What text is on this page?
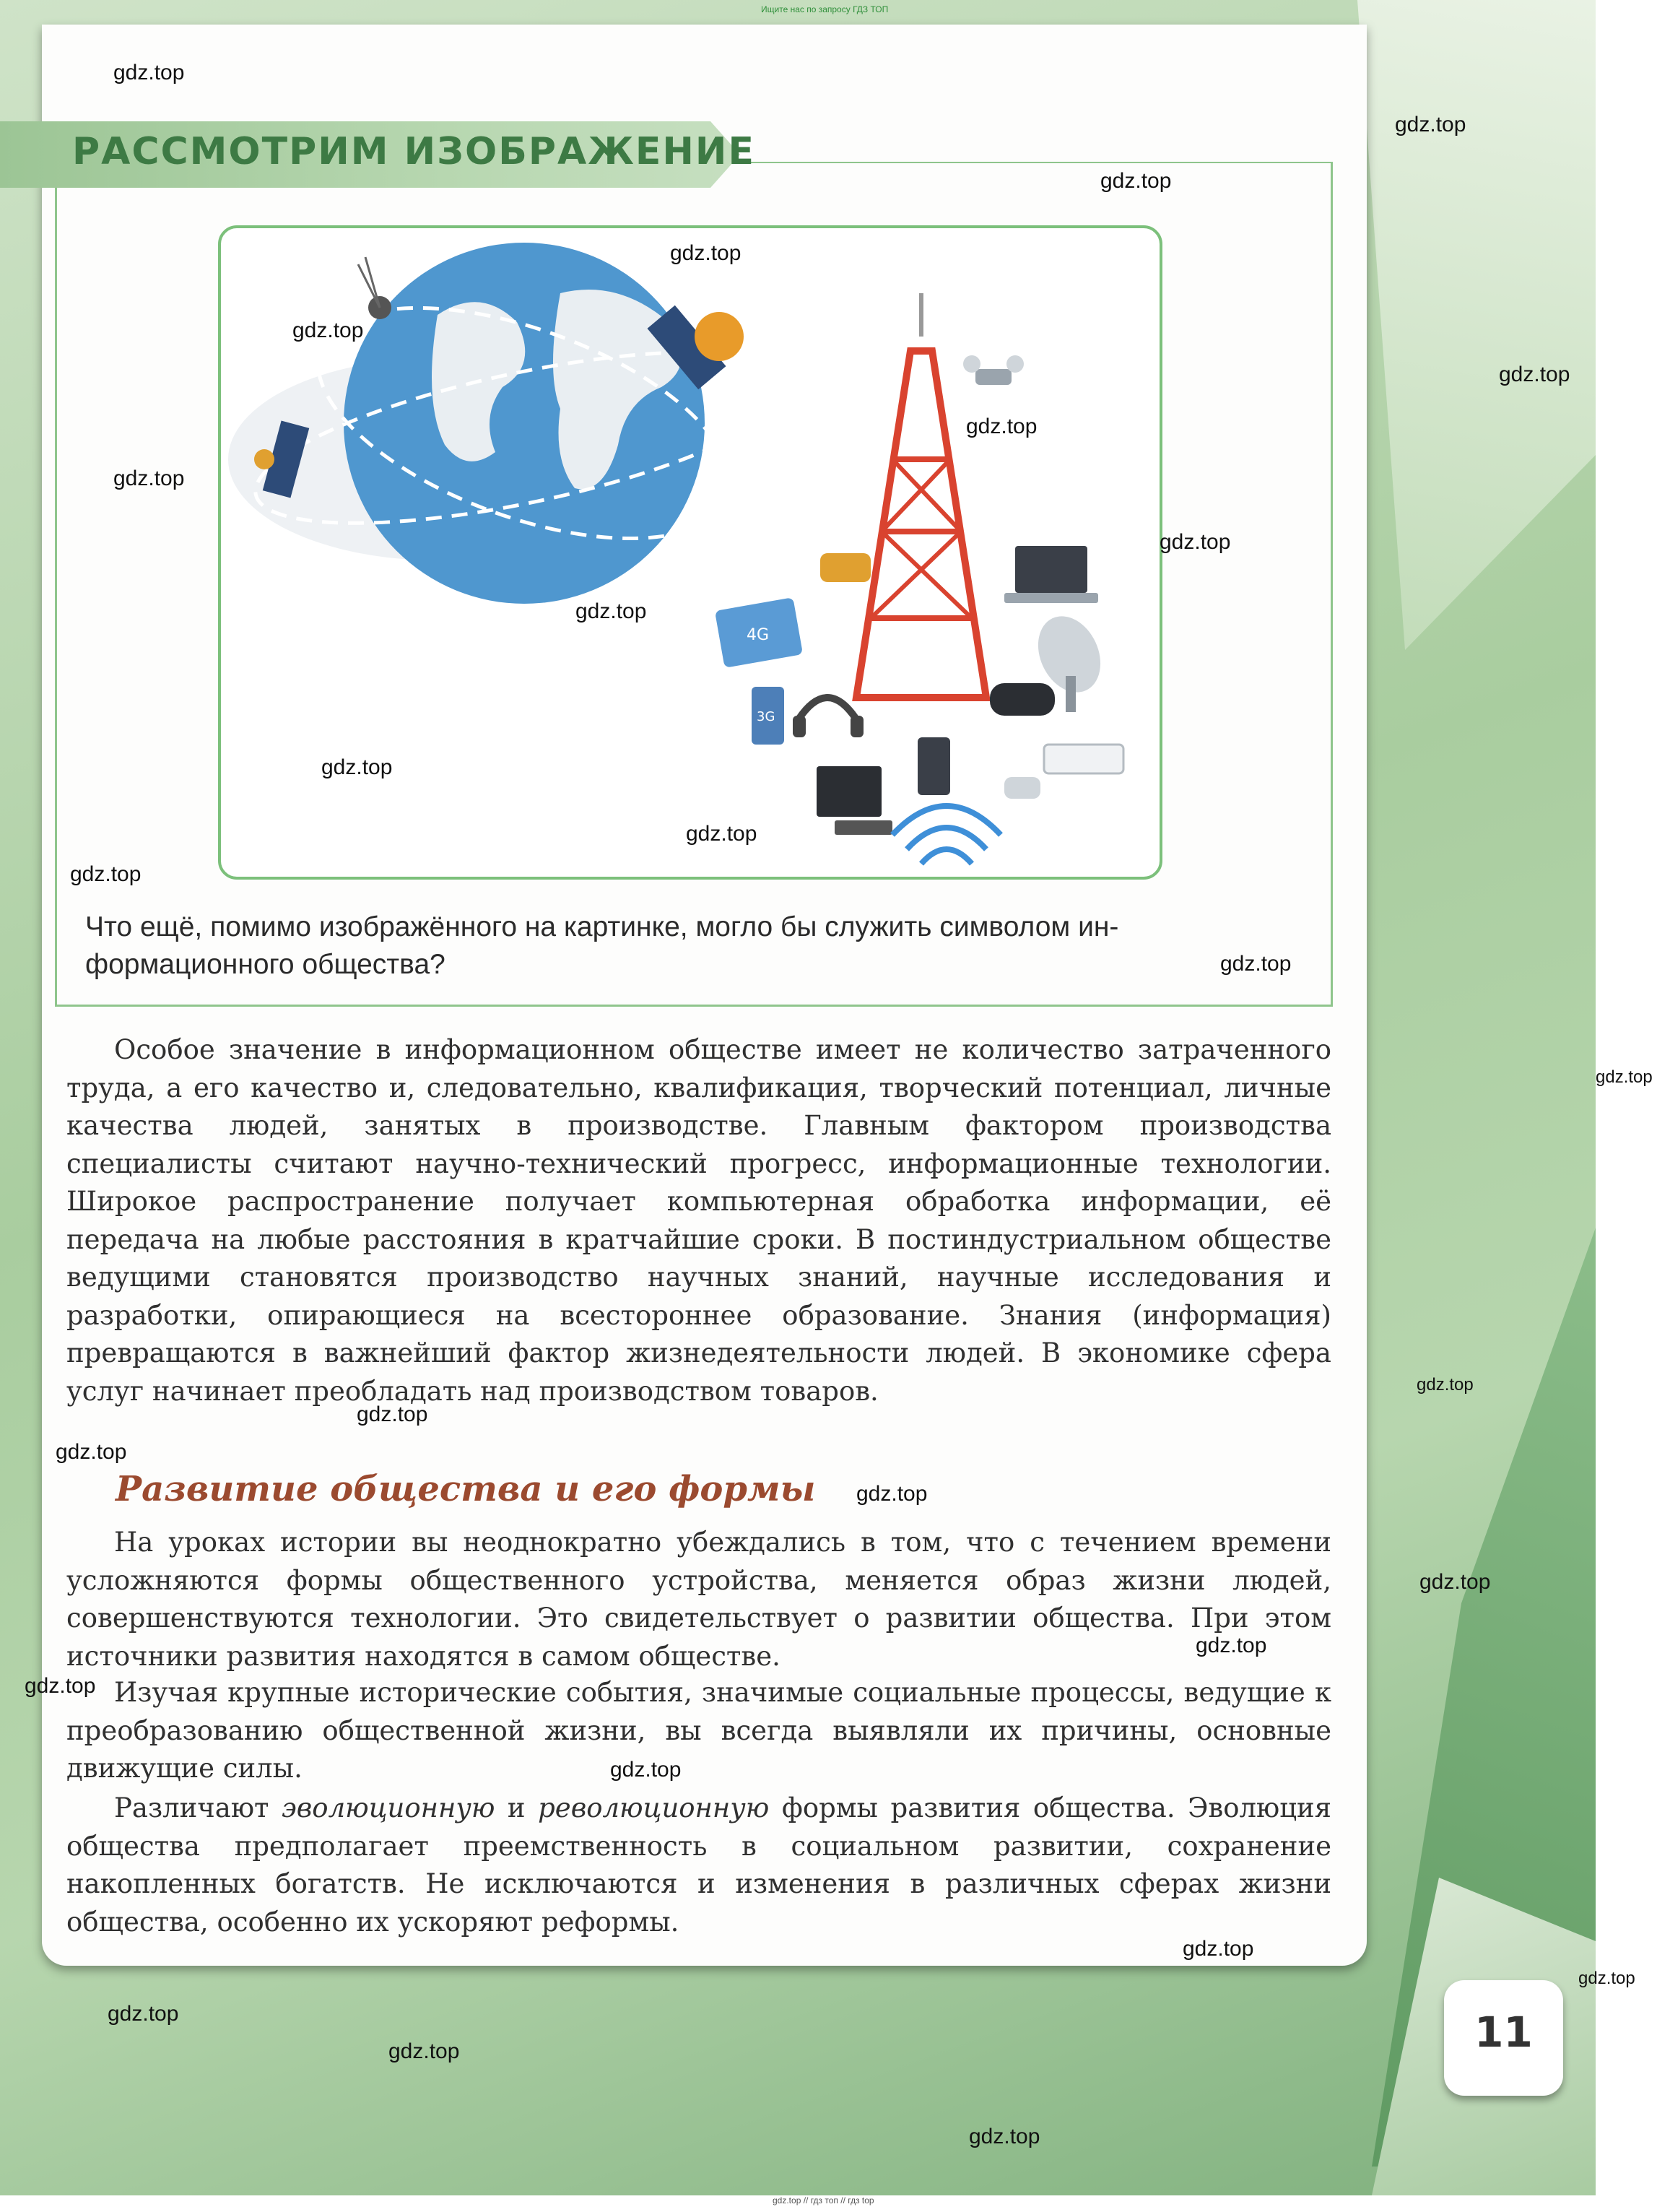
Ищите нас по запросу ГДЗ ТОП
РАССМОТРИМ ИЗОБРАЖЕНИЕ
4G
3G
Что ещё, помимо изображённого на картинке, могло бы служить символом ин-формационного общества?
Особое значение в информационном обществе имеет не количество затраченного труда, а его качество и, следовательно, квалификация, творческий потенциал, личные качества людей, занятых в производстве. Главным фактором производства специалисты считают научно-технический прогресс, информационные технологии. Широкое распространение получает компьютерная обработка информации, её передача на любые расстояния в кратчайшие сроки. В постиндустриальном обществе ведущими становятся производство научных знаний, научные исследования и разработки, опирающиеся на всестороннее образование. Знания (информация) превращаются в важнейший фактор жизнедеятельности людей. В экономике сфера услуг начинает преобладать над производством товаров.
Развитие общества и его формы
На уроках истории вы неоднократно убеждались в том, что с течением времени усложняются формы общественного устройства, меняется образ жизни людей, совершенствуются технологии. Это свидетельствует о развитии общества. При этом источники развития находятся в самом обществе.
Изучая крупные исторические события, значимые социальные процессы, ведущие к преобразованию общественной жизни, вы всегда выявляли их причины, основные движущие силы.
Различают эволюционную и революционную формы развития общества. Эволюция общества предполагает преемственность в социальном развитии, сохранение накопленных богатств. Не исключаются и изменения в различных сферах жизни общества, особенно их ускоряют реформы.
11
gdz.top
gdz.top
gdz.top
gdz.top
gdz.top
gdz.top
gdz.top
gdz.top
gdz.top
gdz.top
gdz.top
gdz.top
gdz.top
gdz.top
gdz.top
gdz.top
gdz.top
gdz.top
gdz.top
gdz.top
gdz.top
gdz.top
gdz.top
gdz.top
gdz.top
gdz.top
gdz.top
gdz.top
gdz.top // гдз топ // гдз top
